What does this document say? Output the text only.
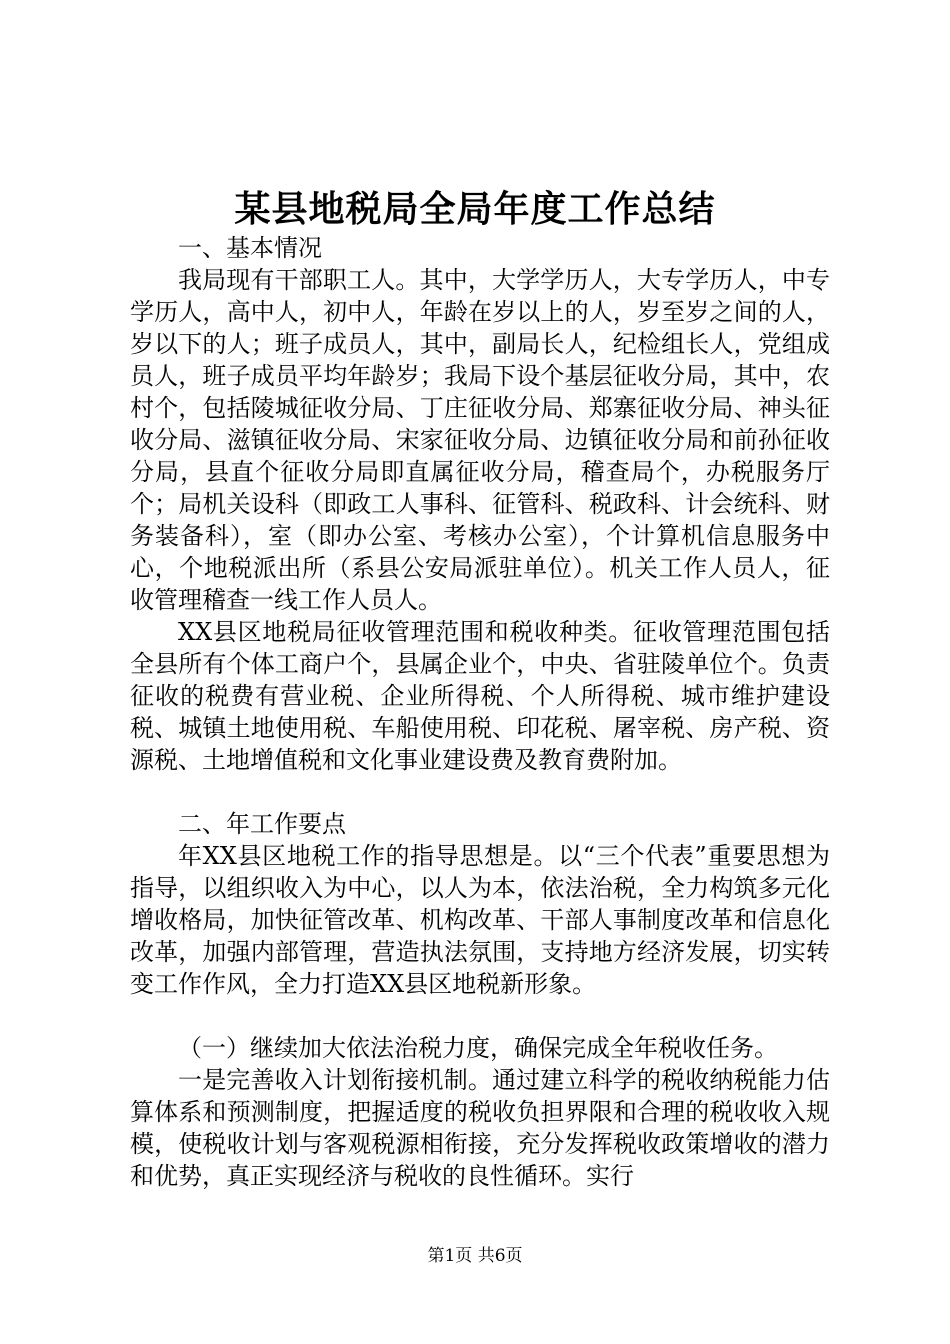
某县地税局全局年度工作总结

一、基本情况

我局现有干部职工人。其中，大学学历人，大专学历人，中专学历人，高中人，初中人，年龄在岁以上的人，岁至岁之间的人，岁以下的人；班子成员人，其中，副局长人，纪检组长人，党组成员人，班子成员平均年龄岁；我局下设个基层征收分局，其中，农村个，包括陵城征收分局、丁庄征收分局、郑寨征收分局、神头征收分局、滋镇征收分局、宋家征收分局、边镇征收分局和前孙征收分局，县直个征收分局即直属征收分局，稽查局个，办税服务厅个；局机关设科（即政工人事科、征管科、税政科、计会统科、财务装备科），室（即办公室、考核办公室），个计算机信息服务中心，个地税派出所（系县公安局派驻单位）。机关工作人员人，征收管理稽查一线工作人员人。

XX县区地税局征收管理范围和税收种类。征收管理范围包括全县所有个体工商户个，县属企业个，中央、省驻陵单位个。负责征收的税费有营业税、企业所得税、个人所得税、城市维护建设税、城镇土地使用税、车船使用税、印花税、屠宰税、房产税、资源税、土地增值税和文化事业建设费及教育费附加。

二、年工作要点

年XX县区地税工作的指导思想是。以“三个代表”重要思想为指导，以组织收入为中心，以人为本，依法治税，全力构筑多元化增收格局，加快征管改革、机构改革、干部人事制度改革和信息化改革，加强内部管理，营造执法氛围，支持地方经济发展，切实转变工作作风，全力打造XX县区地税新形象。

（一）继续加大依法治税力度，确保完成全年税收任务。

一是完善收入计划衔接机制。通过建立科学的税收纳税能力估算体系和预测制度，把握适度的税收负担界限和合理的税收收入规模，使税收计划与客观税源相衔接，充分发挥税收政策增收的潜力和优势，真正实现经济与税收的良性循环。实行

第1页 共6页
